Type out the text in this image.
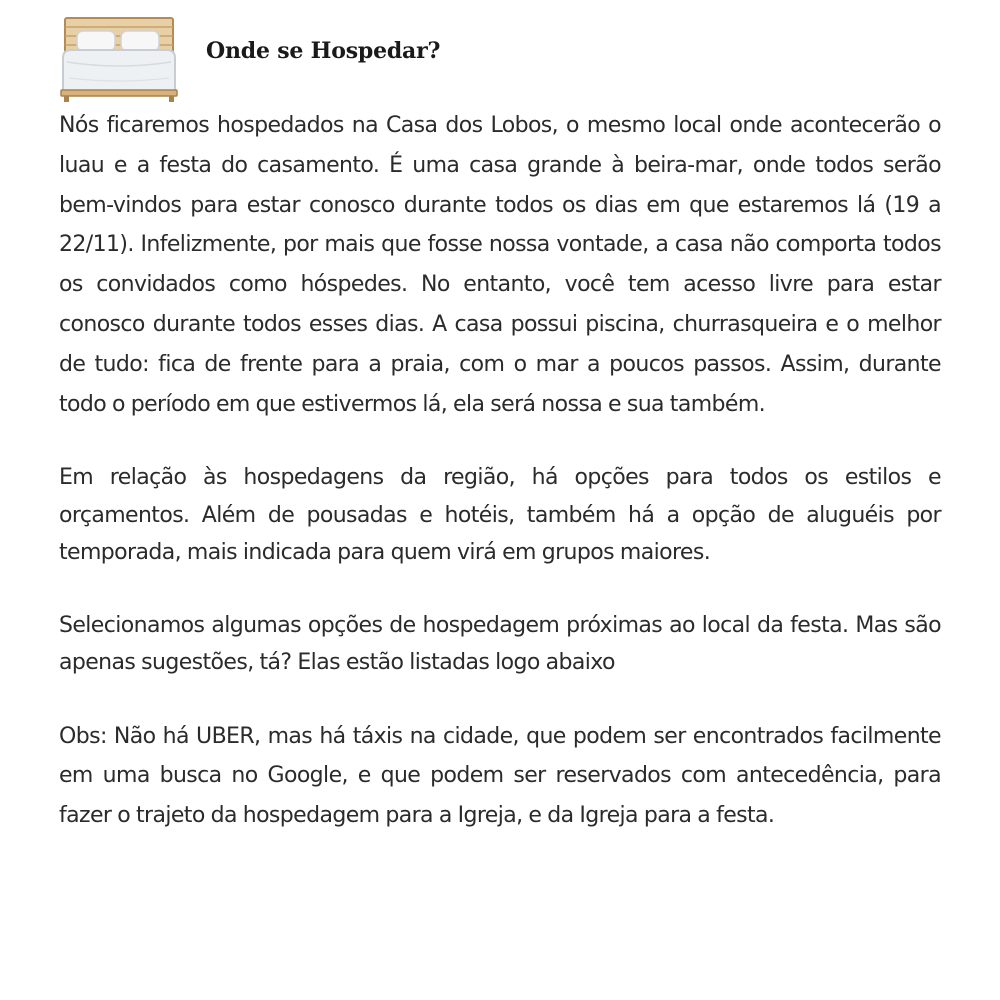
Onde se Hospedar?

Nós ficaremos hospedados na Casa dos Lobos, o mesmo local onde acontecerão o luau e a festa do casamento. É uma casa grande à beira-mar, onde todos serão bem-vindos para estar conosco durante todos os dias em que estaremos lá (19 a 22/11). Infelizmente, por mais que fosse nossa vontade, a casa não comporta todos os convidados como hóspedes. No entanto, você tem acesso livre para estar conosco durante todos esses dias. A casa possui piscina, churrasqueira e o melhor de tudo: fica de frente para a praia, com o mar a poucos passos. Assim, durante todo o período em que estivermos lá, ela será nossa e sua também.

Em relação às hospedagens da região, há opções para todos os estilos e orçamentos. Além de pousadas e hotéis, também há a opção de aluguéis por temporada, mais indicada para quem virá em grupos maiores.

Selecionamos algumas opções de hospedagem próximas ao local da festa. Mas são apenas sugestões, tá? Elas estão listadas logo abaixo

Obs: Não há UBER, mas há táxis na cidade, que podem ser encontrados facilmente em uma busca no Google, e que podem ser reservados com antecedência, para fazer o trajeto da hospedagem para a Igreja, e da Igreja para a festa.
